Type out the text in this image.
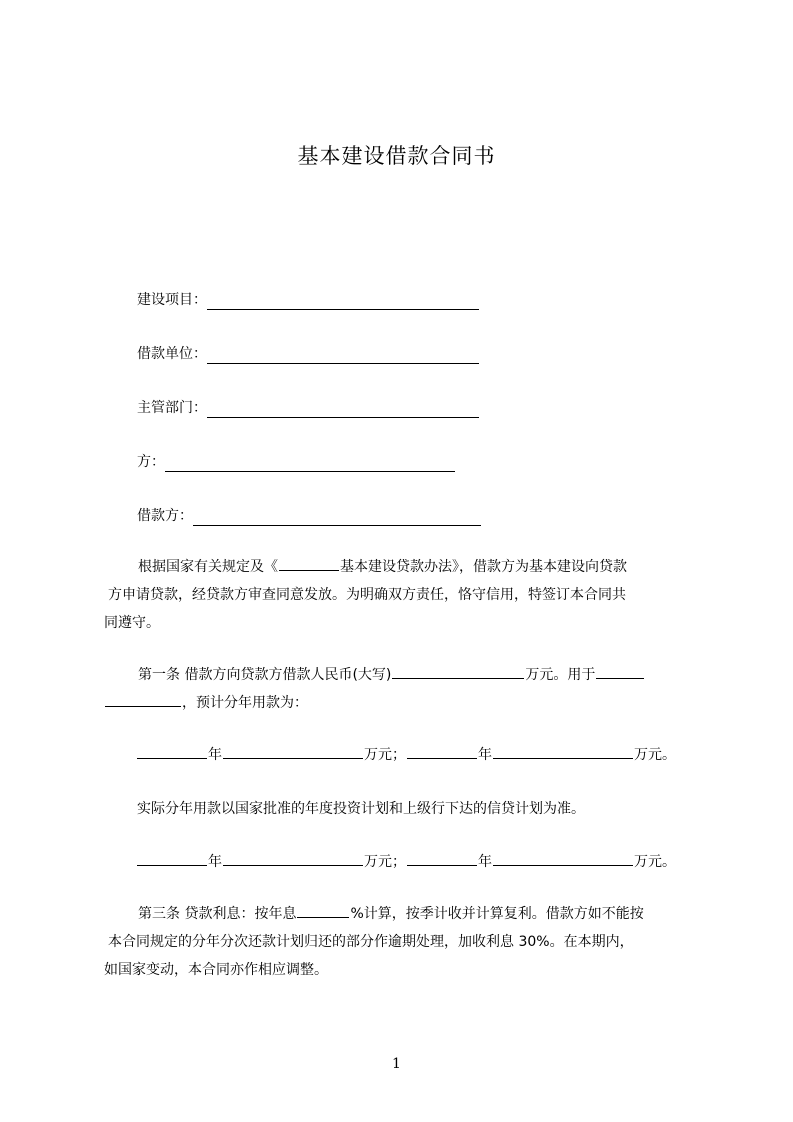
基本建设借款合同书
建设项目：
借款单位：
主管部门：
方：
借款方：
根据国家有关规定及《	基本建设贷款办法》，借款方为基本建设向贷款
方申请贷款，经贷款方审查同意发放。为明确双方责任，恪守信用，特签订本合同共
同遵守。
第一条 借款方向贷款方借款人民币(大写)	万元。用于
，预计分年用款为：
年	万元；	年	万元。
实际分年用款以国家批准的年度投资计划和上级行下达的信贷计划为准。
年	万元；	年	万元。
第三条 贷款利息：按年息	%计算，按季计收并计算复利。借款方如不能按
本合同规定的分年分次还款计划归还的部分作逾期处理，加收利息 30%。在本期内，
如国家变动，本合同亦作相应调整。
1
